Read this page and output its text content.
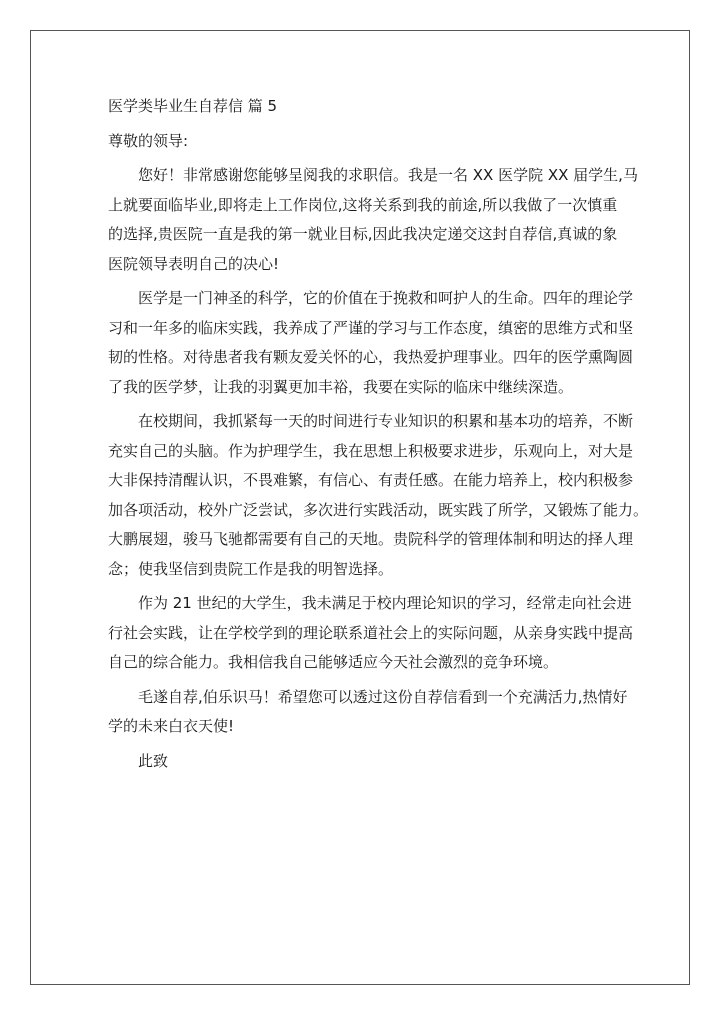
医学类毕业生自荐信 篇 5

尊敬的领导:

您好！非常感谢您能够呈阅我的求职信。我是一名 XX 医学院 XX 届学生,马

上就要面临毕业,即将走上工作岗位,这将关系到我的前途,所以我做了一次慎重

的选择,贵医院一直是我的第一就业目标,因此我决定递交这封自荐信,真诚的象

医院领导表明自己的决心!

医学是一门神圣的科学，它的价值在于挽救和呵护人的生命。四年的理论学

习和一年多的临床实践，我养成了严谨的学习与工作态度，缜密的思维方式和坚

韧的性格。对待患者我有颗友爱关怀的心，我热爱护理事业。四年的医学熏陶圆

了我的医学梦，让我的羽翼更加丰裕，我要在实际的临床中继续深造。

在校期间，我抓紧每一天的时间进行专业知识的积累和基本功的培养，不断

充实自己的头脑。作为护理学生，我在思想上积极要求进步，乐观向上，对大是

大非保持清醒认识，不畏难繁，有信心、有责任感。在能力培养上，校内积极参

加各项活动，校外广泛尝试，多次进行实践活动，既实践了所学，又锻炼了能力。

大鹏展翅，骏马飞驰都需要有自己的天地。贵院科学的管理体制和明达的择人理

念；使我坚信到贵院工作是我的明智选择。

作为 21 世纪的大学生，我未满足于校内理论知识的学习，经常走向社会进

行社会实践，让在学校学到的理论联系道社会上的实际问题，从亲身实践中提高

自己的综合能力。我相信我自己能够适应今天社会激烈的竞争环境。

毛遂自荐,伯乐识马！希望您可以透过这份自荐信看到一个充满活力,热情好

学的未来白衣天使!

此致
